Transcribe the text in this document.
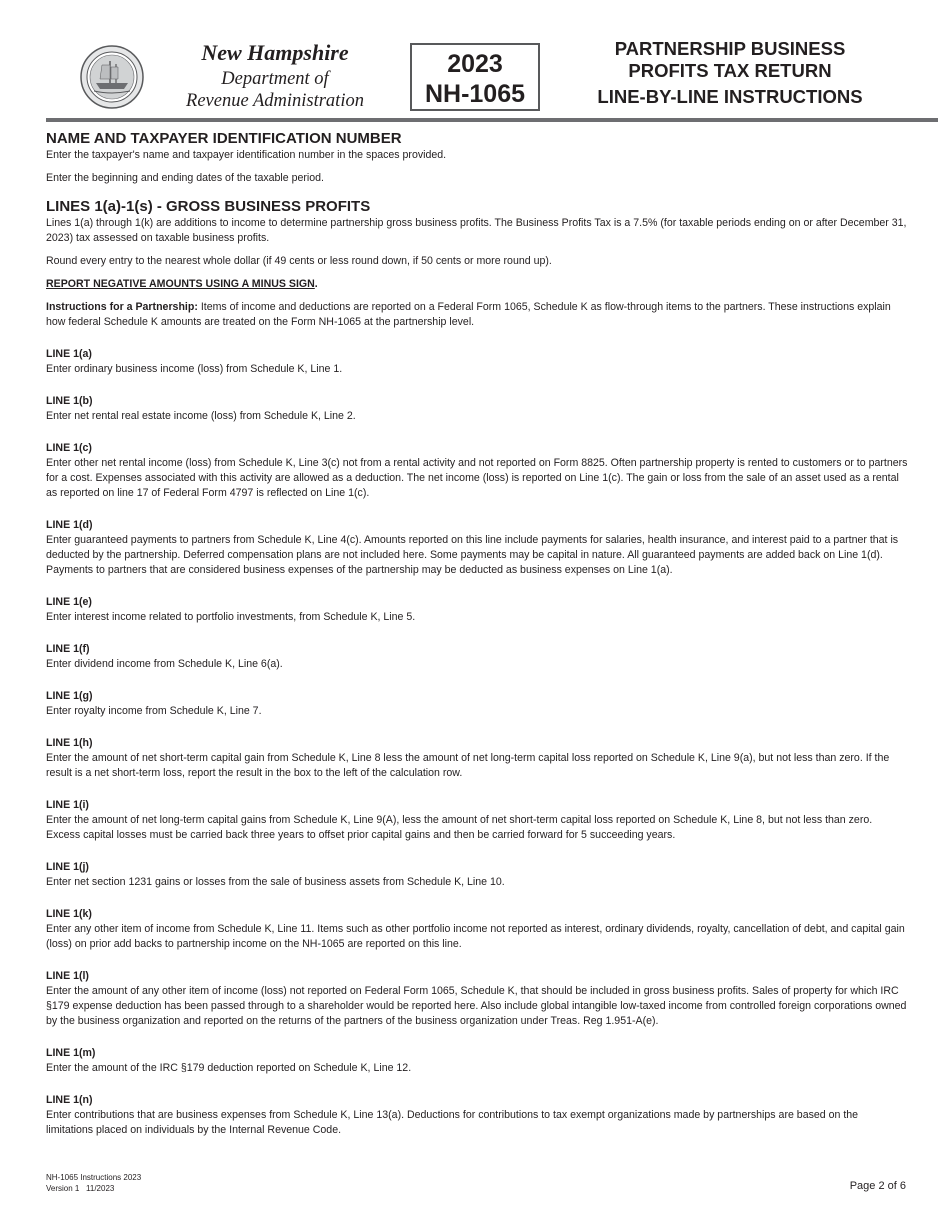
New Hampshire
Department of
Revenue Administration
2023
NH-1065
PARTNERSHIP BUSINESS
PROFITS TAX RETURN
LINE-BY-LINE INSTRUCTIONS
NAME AND TAXPAYER IDENTIFICATION NUMBER

Enter the taxpayer's name and taxpayer identification number in the spaces provided.

Enter the beginning and ending dates of the taxable period.

LINES 1(a)-1(s) - GROSS BUSINESS PROFITS

Lines 1(a) through 1(k) are additions to income to determine partnership gross business profits. The Business Profits Tax is a 7.5% (for taxable periods ending on or after December 31, 2023) tax assessed on taxable business profits.

Round every entry to the nearest whole dollar (if 49 cents or less round down, if 50 cents or more round up).

REPORT NEGATIVE AMOUNTS USING A MINUS SIGN.

Instructions for a Partnership: Items of income and deductions are reported on a Federal Form 1065, Schedule K as flow-through items to the partners. These instructions explain how federal Schedule K amounts are treated on the Form NH-1065 at the partnership level.

LINE 1(a)
Enter ordinary business income (loss) from Schedule K, Line 1.
LINE 1(b)
Enter net rental real estate income (loss) from Schedule K, Line 2.
LINE 1(c)
Enter other net rental income (loss) from Schedule K, Line 3(c) not from a rental activity and not reported on Form 8825. Often partnership property is rented to customers or to partners for a cost. Expenses associated with this activity are allowed as a deduction. The net income (loss) is reported on Line 1(c). The gain or loss from the sale of an asset used as a rental as reported on line 17 of Federal Form 4797 is reflected on Line 1(c).
LINE 1(d)
Enter guaranteed payments to partners from Schedule K, Line 4(c). Amounts reported on this line include payments for salaries, health insurance, and interest paid to a partner that is deducted by the partnership. Deferred compensation plans are not included here. Some payments may be capital in nature. All guaranteed payments are added back on Line 1(d). Payments to partners that are considered business expenses of the partnership may be deducted as business expenses on Line 1(a).
LINE 1(e)
Enter interest income related to portfolio investments, from Schedule K, Line 5.
LINE 1(f)
Enter dividend income from Schedule K, Line 6(a).
LINE 1(g)
Enter royalty income from Schedule K, Line 7.
LINE 1(h)
Enter the amount of net short-term capital gain from Schedule K, Line 8 less the amount of net long-term capital loss reported on Schedule K, Line 9(a), but not less than zero. If the result is a net short-term loss, report the result in the box to the left of the calculation row.
LINE 1(i)
Enter the amount of net long-term capital gains from Schedule K, Line 9(A), less the amount of net short-term capital loss reported on Schedule K, Line 8, but not less than zero. Excess capital losses must be carried back three years to offset prior capital gains and then be carried forward for 5 succeeding years.
LINE 1(j)
Enter net section 1231 gains or losses from the sale of business assets from Schedule K, Line 10.
LINE 1(k)
Enter any other item of income from Schedule K, Line 11. Items such as other portfolio income not reported as interest, ordinary dividends, royalty, cancellation of debt, and capital gain (loss) on prior add backs to partnership income on the NH-1065 are reported on this line.
LINE 1(l)
Enter the amount of any other item of income (loss) not reported on Federal Form 1065, Schedule K, that should be included in gross business profits. Sales of property for which IRC §179 expense deduction has been passed through to a shareholder would be reported here. Also include global intangible low-taxed income from controlled foreign corporations owned by the business organization and reported on the returns of the partners of the business organization under Treas. Reg 1.951-A(e).
LINE 1(m)
Enter the amount of the IRC §179 deduction reported on Schedule K, Line 12.
LINE 1(n)
Enter contributions that are business expenses from Schedule K, Line 13(a). Deductions for contributions to tax exempt organizations made by partnerships are based on the limitations placed on individuals by the Internal Revenue Code.
NH-1065 Instructions 2023
Version 1   11/2023	Page 2 of 6
